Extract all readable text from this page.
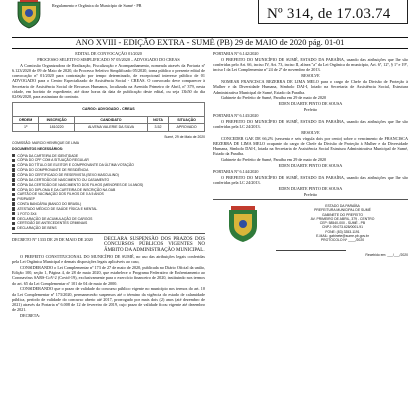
Regulamento e Orgânica do Município de Sumé - PB
Nº 314, de 17.03.74
ANO XVIII - EDIÇÃO EXTRA - SUMÉ (PB) 29 de MAIO de 2020 pág. 01-01

EDITAL DE CONVOCAÇÃO 01/2020

PROCESSO SELETIVO SIMPLIFICADO Nº 05/2020 – ADVOGADO DO CREAS

A Comissão Organizadora de Realização, Fiscalização e Acompanhamento, nomeada através da Portaria nº 6.123/2020 de 09 de Maio de 2020, do Processo Seletivo Simplificado 05/2020, torna público o presente edital de convocação nº 01/2020 para contratação por tempo determinado, de excepcional interesse público de 01 ADVOGADO para o Centro Especializado de Assistência Social - CREAS. O convocado deve comparecer à Secretaria de Assistência Social de Recursos Humanos, localizada na Avenida Primeiro de Abril, nº 379, nesta cidade, em horário de expediente, até doze horas da data de publicação deste edital, ou seja 13h50 do dia 02/06/2020, para assinatura do contrato.

CARGO: ADVOGADO - CREAS				
ORDEM	INSCRIÇÃO	CANDIDATO	NOTA	SITUAÇÃO
1º	1810220	ALVENA VALERIE DA SILVA	3.52	APROVADO

Sumé, 29 de Maio de 2020

COMISSÃO: MARCIO HENRIQUE DE LIMA

DOCUMENTOS NECESSÁRIOS:

CÓPIA DA CARTEIRA DE IDENTIDADE
CÓPIA DO CPF COM A SITUAÇÃO REGULAR
CÓPIA DO TÍTULO DE ELEITOR E COMPROVANTE DA ÚLTIMA VOTAÇÃO
CÓPIA DO COMPROVANTE DE RESIDÊNCIA
CÓPIA DO CERTIFICADO DE RESERVISTA (SEXO MASCULINO)
CÓPIA DA CERTIDÃO DE NASCIMENTO OU CASAMENTO
CÓPIA DA CERTIDÃO DE NASCIMENTO DOS FILHOS (MENORES DE 14 ANOS)
CÓPIA DO DIPLOMA E DA CARTEIRA DE INSCRIÇÃO NA OAB
CARTÃO DE VACINAÇÃO DOS FILHOS DE 0 A 5 ANOS
PIS/PASEP
CONTA BANCÁRIA (BANCO DO BRASIL)
ATESTADO MÉDICO DE SAÚDE FÍSICA E MENTAL
1 FOTO 3X4
DECLARAÇÃO DE ACUMULAÇÃO DE CARGOS
CERTIDÃO DE ANTECEDENTES CRIMINAIS
DECLARAÇÃO DE BENS
DECRETO Nº 1333 DE 29 DE MAIO DE 2020	DECLARA SUSPENSÃO DOS PRAZOS DOS CONCURSOS PÚBLICOS VIGENTES NO ÂMBITO DA ADMINISTRAÇÃO MUNICIPAL.

O PREFEITO CONSTITUCIONAL DO MUNICÍPIO DE SUMÉ, no uso das atribuições legais conferidas pela Lei Orgânica Municipal e demais disposições legais aplicáveis ao caso,

CONSIDERANDO o Lei Complementar nº 173 de 27 de maio de 2020, publicada no Diário Oficial da união, Edição 100, seção 1, Página 4, de 28 de maio 2020, que estabelece o Programa Federativo de Enfrentamento ao Coronavírus SARS-CoV-2 (Covid-19), exclusivamente para o exercício financeiro de 2020, instituindo nos termos do art. 65 da Lei Complementar nº 101 de 04 de maio de 2000.

CONSIDERANDO que o prazo de validade do concurso público vigente no município nos termos do art. 10 da Lei Complementar nº 173/2020, permanecerão suspensos até o término da vigência do estado de calamidade pública, período de validade do concurso aberto até 2017, prorrogado por mais dois (2) anos (até dezembro de 2021) através da Portaria nº 6.008 de 12 de fevereiro de 2019, cujo prazo de validade ficou vigente até dezembro de 2021.

DECRETA:

PORTARIA Nº 6.142/2020

O PREFEITO DO MUNICÍPIO DE SUMÉ, ESTADO DA PARAÍBA, usando das atribuições que lhe são conferidas pelo Art. 66, inciso IV, Art. 73, inciso II, alínea "a" da Lei Orgânica do município, Art. 6º, 12º, § 1º e 19º, inciso I da Lei Complementar nº 24 de 2º de novembro de 2013.

RESOLVE

NOMEAR FRANCISCA BEZERRA DE LIMA MELO para o cargo de Chefe da Divisão de Proteção à Mulher e da Diversidade Humana, Símbolo DAI-I, lotado na Secretaria de Assistência Social, Estrutura Administrativa Municipal de Sumé, Estado da Paraíba.

Gabinete do Prefeito de Sumé, Paraíba em 29 de maio de 2020

EDEN DUARTE PINTO DE SOUSA

Prefeito

PORTARIA Nº 6.143/2020

O PREFEITO DO MUNICÍPIO DE SUMÉ, ESTADO DA PARAÍBA, usando das atribuições que lhe são conferidas pela LC 24/2013.

RESOLVE

CONCEDER GAE DE 66,2% (sessenta e seis vírgula dois por cento) sobre o vencimento de FRANCISCA BEZERRA DE LIMA MELO ocupante do cargo de Chefe da Divisão de Proteção à Mulher e da Diversidade Humana, Símbolo DAI-I, lotada na Secretaria de Assistência Social Estrutura Administrativa Municipal de Sumé, Estado da Paraíba.

Gabinete do Prefeito de Sumé, Paraíba em 29 de maio de 2020

EDEN DUARTE PINTO DE SOUSA

PORTARIA Nº 6.144/2020

O PREFEITO DO MUNICÍPIO DE SUMÉ, ESTADO DA PARAÍBA, usando das atribuições que lhe são conferidas pela LC 24/2013.

EDEN DUARTE PINTO DE SOUSA

Prefeito

ESTADO DA PARAÍBA
PREFEITURA MUNICIPAL DE SUMÉ
GABINETE DO PREFEITO
AV. PRIMEIRO DE ABRIL, 379 - CENTRO
CEP: 58540-000 - SUMÉ - PB
CNPJ: 09.073.628/0001-91
FONE: (83) 3353-1191
E-MAIL: gabinete@sume.pb.gov.br
PROTOCOLO Nº ____/2020

Recebido em: ___/___/2020
